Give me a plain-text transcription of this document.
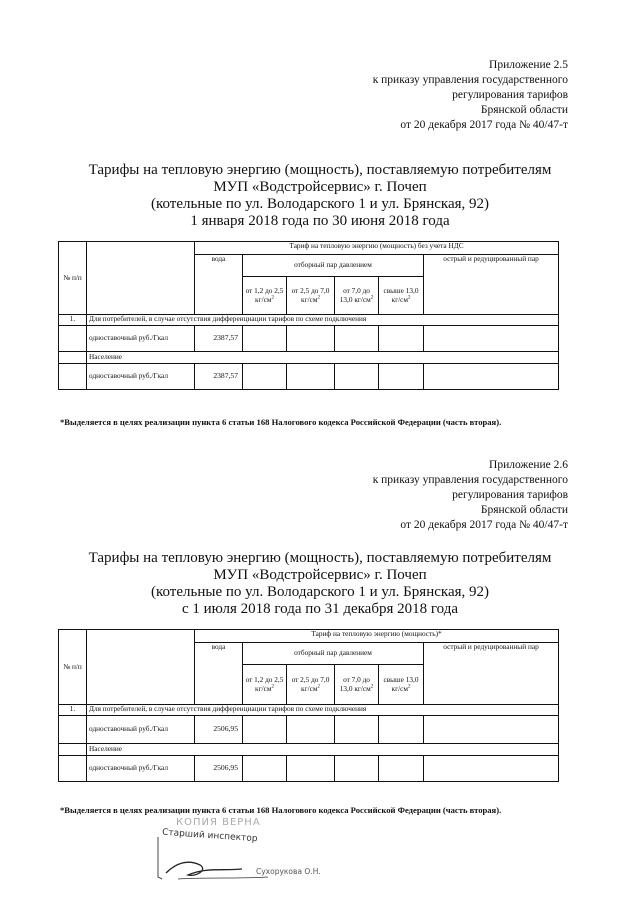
Приложение 2.5
к приказу управления государственного
регулирования тарифов
Брянской области
от 20 декабря 2017 года № 40/47-т
Тарифы на тепловую энергию (мощность), поставляемую потребителям
МУП «Водстройсервис» г. Почеп
(котельные по ул. Володарского 1 и ул. Брянская, 92)
1 января 2018 года по 30 июня 2018 года
№ п/п		Тариф на тепловую энергию (мощность) без учета НДС					
		вода	отборный пар давлением				острый и редуцированный пар
			от 1,2 до 2,5 $кг/см^2$	от 2,5 до 7,0 $кг/см^2$	от 7,0 до 13,0 $кг/см^2$	свыше 13,0 $кг/см^2$
1.	Для потребителей, в случае отсутствия дифференциации тарифов по схеме подключения						
	одноставочный руб./Гкал	2387,57					
	Население						
	одноставочный руб./Гкал	2387,57					
*Выделяется в целях реализации пункта 6 статьи 168 Налогового кодекса Российской Федерации (часть вторая).
Приложение 2.6
к приказу управления государственного
регулирования тарифов
Брянской области
от 20 декабря 2017 года № 40/47-т
Тарифы на тепловую энергию (мощность), поставляемую потребителям
МУП «Водстройсервис» г. Почеп
(котельные по ул. Володарского 1 и ул. Брянская, 92)
с 1 июля 2018 года по 31 декабря 2018 года
№ п/п		Тариф на тепловую энергию (мощность)*					
		вода	отборный пар давлением				острый и редуцированный пар
			от 1,2 до 2,5 $кг/см^2$	от 2,5 до 7,0 $кг/см^2$	от 7,0 до 13,0 $кг/см^2$	свыше 13,0 $кг/см^2$
1.	Для потребителей, в случае отсутствия дифференциации тарифов по схеме подключения						
	одноставочный руб./Гкал	2506,95					
	Население						
	одноставочный руб./Гкал	2506,95					
*Выделяется в целях реализации пункта 6 статьи 168 Налогового кодекса Российской Федерации (часть вторая).
КОПИЯ ВЕРНА
Старший инспектор
Сухорукова О.Н.
